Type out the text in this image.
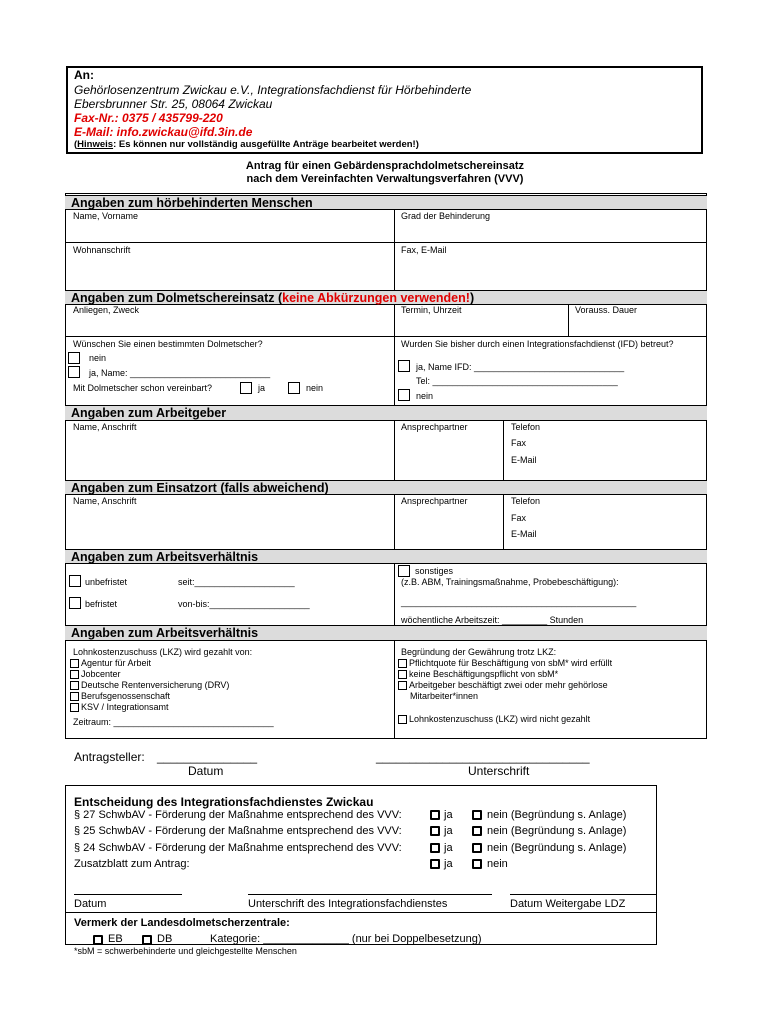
An:
Gehörlosenzentrum Zwickau e.V., Integrationsfachdienst für Hörbehinderte
Ebersbrunner Str. 25, 08064 Zwickau
Fax-Nr.: 0375 / 435799-220
E-Mail: info.zwickau@ifd.3in.de
(Hinweis: Es können nur vollständig ausgefüllte Anträge bearbeitet werden!)
Antrag für einen Gebärdensprachdolmetschereinsatz
nach dem Vereinfachten Verwaltungsverfahren (VVV)
Angaben zum hörbehinderten Menschen
Name, Vorname	Grad der Behinderung
Wohnanschrift	Fax, E-Mail
Angaben zum Dolmetschereinsatz (keine Abkürzungen verwenden!)
Anliegen, Zweck	Termin, Uhrzeit	Vorauss. Dauer
Wünschen Sie einen bestimmten Dolmetscher?
nein
ja, Name: ____________________________
Mit Dolmetscher schon vereinbart?	ja	nein
Wurden Sie bisher durch einen Integrationsfachdienst (IFD) betreut?
ja, Name IFD: ______________________________
Tel: _____________________________________
nein
Angaben zum Arbeitgeber
Name, Anschrift	Ansprechpartner	Telefon
Fax
E-Mail
Angaben zum Einsatzort (falls abweichend)
Name, Anschrift	Ansprechpartner	Telefon
Fax
E-Mail
Angaben zum Arbeitsverhältnis
unbefristet	seit:____________________
befristet	von-bis:____________________
sonstiges
(z.B. ABM, Trainingsmaßnahme, Probebeschäftigung):
_______________________________________________
wöchentliche Arbeitszeit: _________ Stunden
Angaben zum Arbeitsverhältnis
Lohnkostenzuschuss (LKZ) wird gezahlt von:
Agentur für Arbeit
Jobcenter
Deutsche Rentenversicherung (DRV)
Berufsgenossenschaft
KSV / Integrationsamt
Zeitraum: ________________________________
Begründung der Gewährung trotz LKZ:
Pflichtquote für Beschäftigung von sbM* wird erfüllt
keine Beschäftigungspflicht von sbM*
Arbeitgeber beschäftigt zwei oder mehr gehörlose
Mitarbeiter*innen
Lohnkostenzuschuss (LKZ) wird nicht gezahlt
Antragsteller: _______________
Datum
________________________________
Unterschrift
Entscheidung des Integrationsfachdienstes Zwickau
§ 27 SchwbAV - Förderung der Maßnahme entsprechend des VVV:	ja	nein (Begründung s. Anlage)
§ 25 SchwbAV - Förderung der Maßnahme entsprechend des VVV:	ja	nein (Begründung s. Anlage)
§ 24 SchwbAV - Förderung der Maßnahme entsprechend des VVV:	ja	nein (Begründung s. Anlage)
Zusatzblatt zum Antrag:	ja	nein
Datum	Unterschrift des Integrationsfachdienstes	Datum Weitergabe LDZ
Vermerk der Landesdolmetscherzentrale:
EB	DB	Kategorie: ______________ (nur bei Doppelbesetzung)
*sbM = schwerbehinderte und gleichgestellte Menschen
